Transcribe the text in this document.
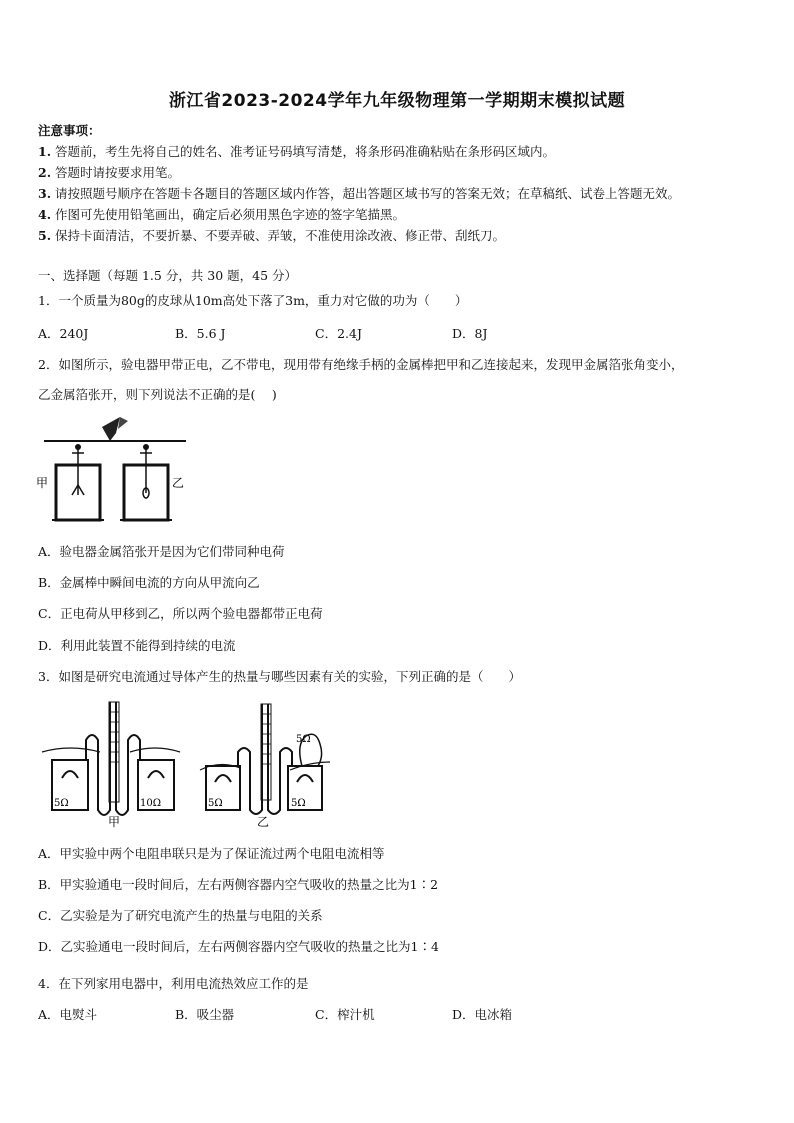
浙江省2023-2024学年九年级物理第一学期期末模拟试题
注意事项：
1. 答题前，考生先将自己的姓名、准考证号码填写清楚，将条形码准确粘贴在条形码区域内。
2. 答题时请按要求用笔。
3. 请按照题号顺序在答题卡各题目的答题区域内作答，超出答题区域书写的答案无效；在草稿纸、试卷上答题无效。
4. 作图可先使用铅笔画出，确定后必须用黑色字迹的签字笔描黑。
5. 保持卡面清洁，不要折暴、不要弄破、弄皱，不准使用涂改液、修正带、刮纸刀。
一、选择题（每题 1.5 分，共 30 题，45 分）
1．一个质量为80g的皮球从10m高处下落了3m，重力对它做的功为（　　）
A．240J	B．5.6 J	C．2.4J	D．8J
2．如图所示，验电器甲带正电，乙不带电，现用带有绝缘手柄的金属棒把甲和乙连接起来，发现甲金属箔张角变小，
乙金属箔张开，则下列说法不正确的是(　 )
甲	乙
A．验电器金属箔张开是因为它们带同种电荷
B．金属棒中瞬间电流的方向从甲流向乙
C．正电荷从甲移到乙，所以两个验电器都带正电荷
D．利用此装置不能得到持续的电流
3．如图是研究电流通过导体产生的热量与哪些因素有关的实验，下列正确的是（　　）
5Ω	10Ω
甲
5Ω
5Ω	5Ω
乙
A．甲实验中两个电阻串联只是为了保证流过两个电阻电流相等
B．甲实验通电一段时间后，左右两侧容器内空气吸收的热量之比为1∶2
C．乙实验是为了研究电流产生的热量与电阻的关系
D．乙实验通电一段时间后，左右两侧容器内空气吸收的热量之比为1∶4
4．在下列家用电器中，利用电流热效应工作的是
A．电熨斗	B．吸尘器	C．榨汁机	D．电冰箱
